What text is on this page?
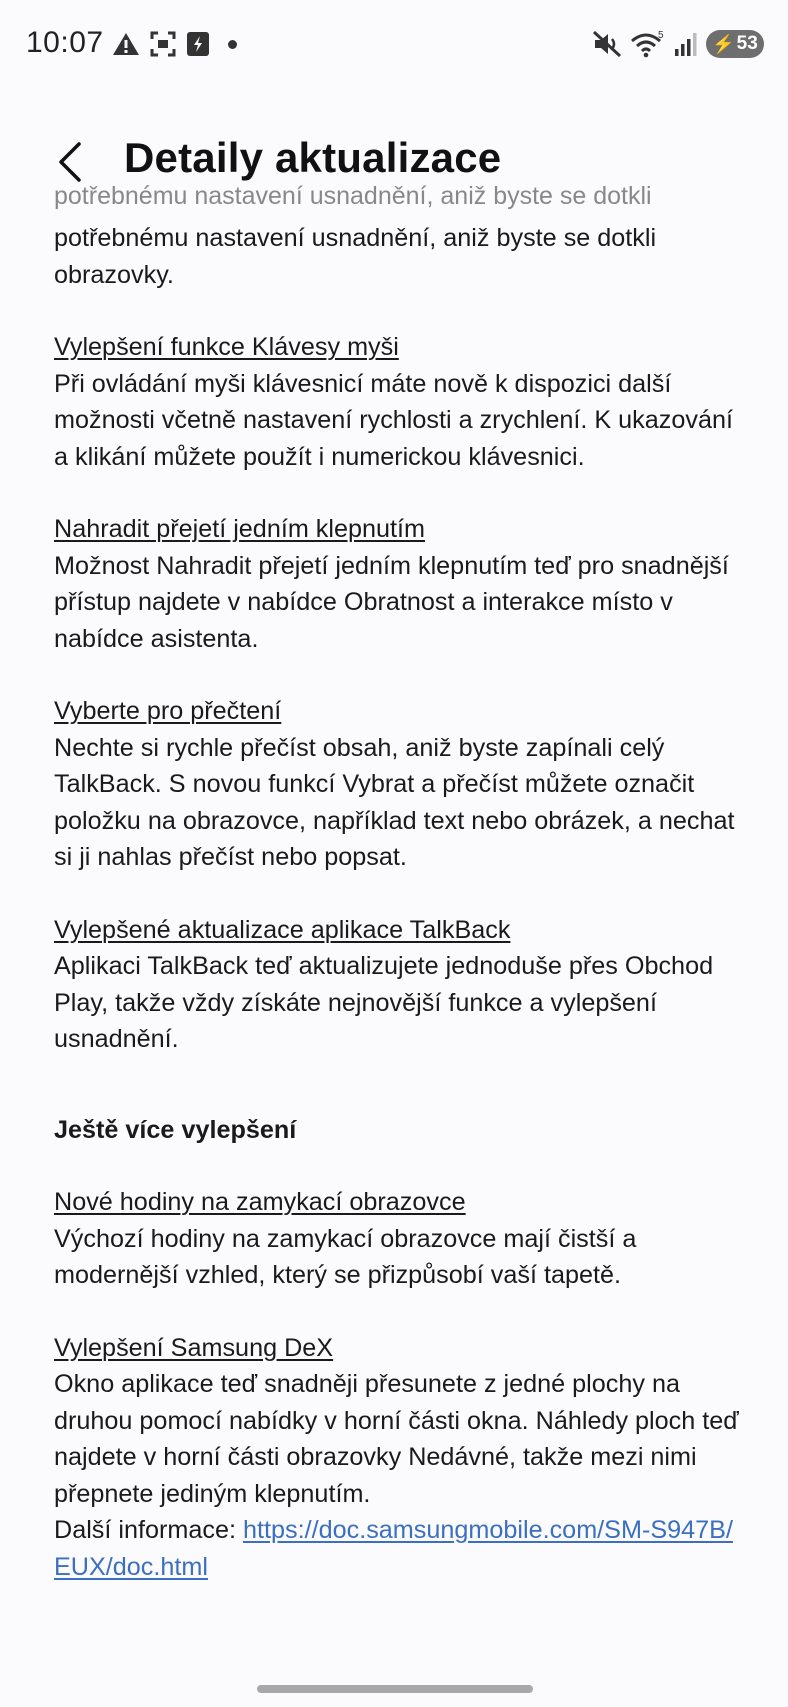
10:07	5	⚡ 53
Detaily aktualizace
potřebnému nastavení usnadnění, aniž byste se dotkli

potřebnému nastavení usnadnění, aniž byste se dotkli obrazovky.

Vylepšení funkce Klávesy myši
Při ovládání myši klávesnicí máte nově k dispozici další možnosti včetně nastavení rychlosti a zrychlení. K ukazování a klikání můžete použít i numerickou klávesnici.
Nahradit přejetí jedním klepnutím
Možnost Nahradit přejetí jedním klepnutím teď pro snadnější přístup najdete v nabídce Obratnost a interakce místo v nabídce asistenta.
Vyberte pro přečtení
Nechte si rychle přečíst obsah, aniž byste zapínali celý TalkBack. S novou funkcí Vybrat a přečíst můžete označit položku na obrazovce, například text nebo obrázek, a nechat si ji nahlas přečíst nebo popsat.
Vylepšené aktualizace aplikace TalkBack
Aplikaci TalkBack teď aktualizujete jednoduše přes Obchod Play, takže vždy získáte nejnovější funkce a vylepšení usnadnění.
Ještě více vylepšení
Nové hodiny na zamykací obrazovce
Výchozí hodiny na zamykací obrazovce mají čistší a modernější vzhled, který se přizpůsobí vaší tapetě.
Vylepšení Samsung DeX
Okno aplikace teď snadněji přesunete z jedné plochy na druhou pomocí nabídky v horní části okna. Náhledy ploch teď najdete v horní části obrazovky Nedávné, takže mezi nimi přepnete jediným klepnutím.
Další informace: https://doc.samsungmobile.com/SM-S947B/EUX/doc.html
